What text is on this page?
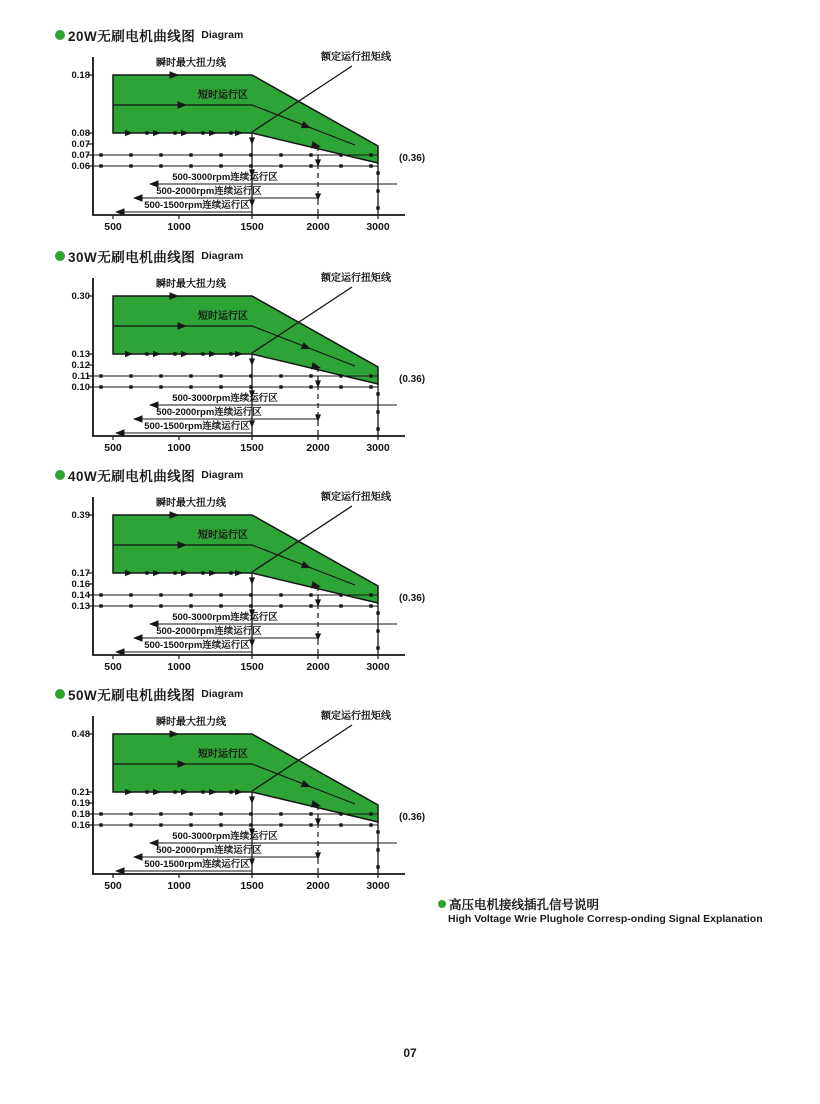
20W无刷电机曲线图 Diagram
瞬时最大扭力线
短时运行区
额定运行扭矩线
(0.36)
500-3000rpm连续运行区
500-2000rpm连续运行区
500-1500rpm连续运行区
0.18
0.08
0.07
0.07
0.06
500	1000	1500	2000	3000
30W无刷电机曲线图 Diagram
瞬时最大扭力线
短时运行区
额定运行扭矩线
(0.36)
500-3000rpm连续运行区
500-2000rpm连续运行区
500-1500rpm连续运行区
0.30
0.13
0.12
0.11
0.10
500	1000	1500	2000	3000
40W无刷电机曲线图 Diagram
瞬时最大扭力线
短时运行区
额定运行扭矩线
(0.36)
500-3000rpm连续运行区
500-2000rpm连续运行区
500-1500rpm连续运行区
0.39
0.17
0.16
0.14
0.13
500	1000	1500	2000	3000
50W无刷电机曲线图 Diagram
瞬时最大扭力线
短时运行区
额定运行扭矩线
(0.36)
500-3000rpm连续运行区
500-2000rpm连续运行区
500-1500rpm连续运行区
0.48
0.21
0.19
0.18
0.16
500	1000	1500	2000	3000
高压电机接线插孔信号说明
High Voltage Wrie Plughole Corresp-onding Signal Explanation
07
